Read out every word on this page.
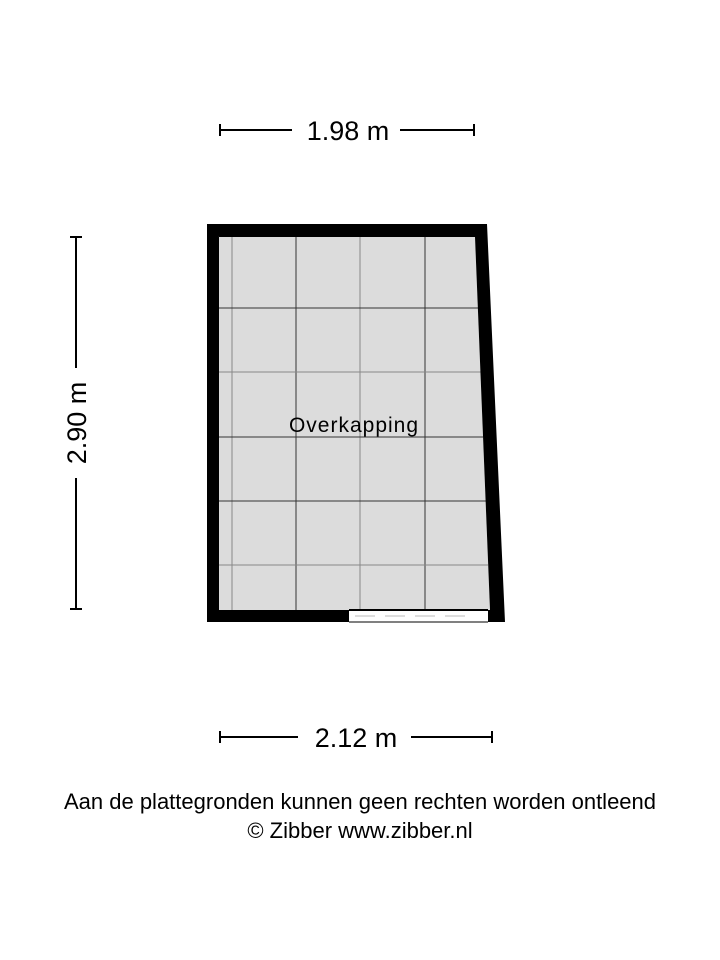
1.98 m
2.90 m	Overkapping
2.12 m
Aan de plattegronden kunnen geen rechten worden ontleend
© Zibber www.zibber.nl
